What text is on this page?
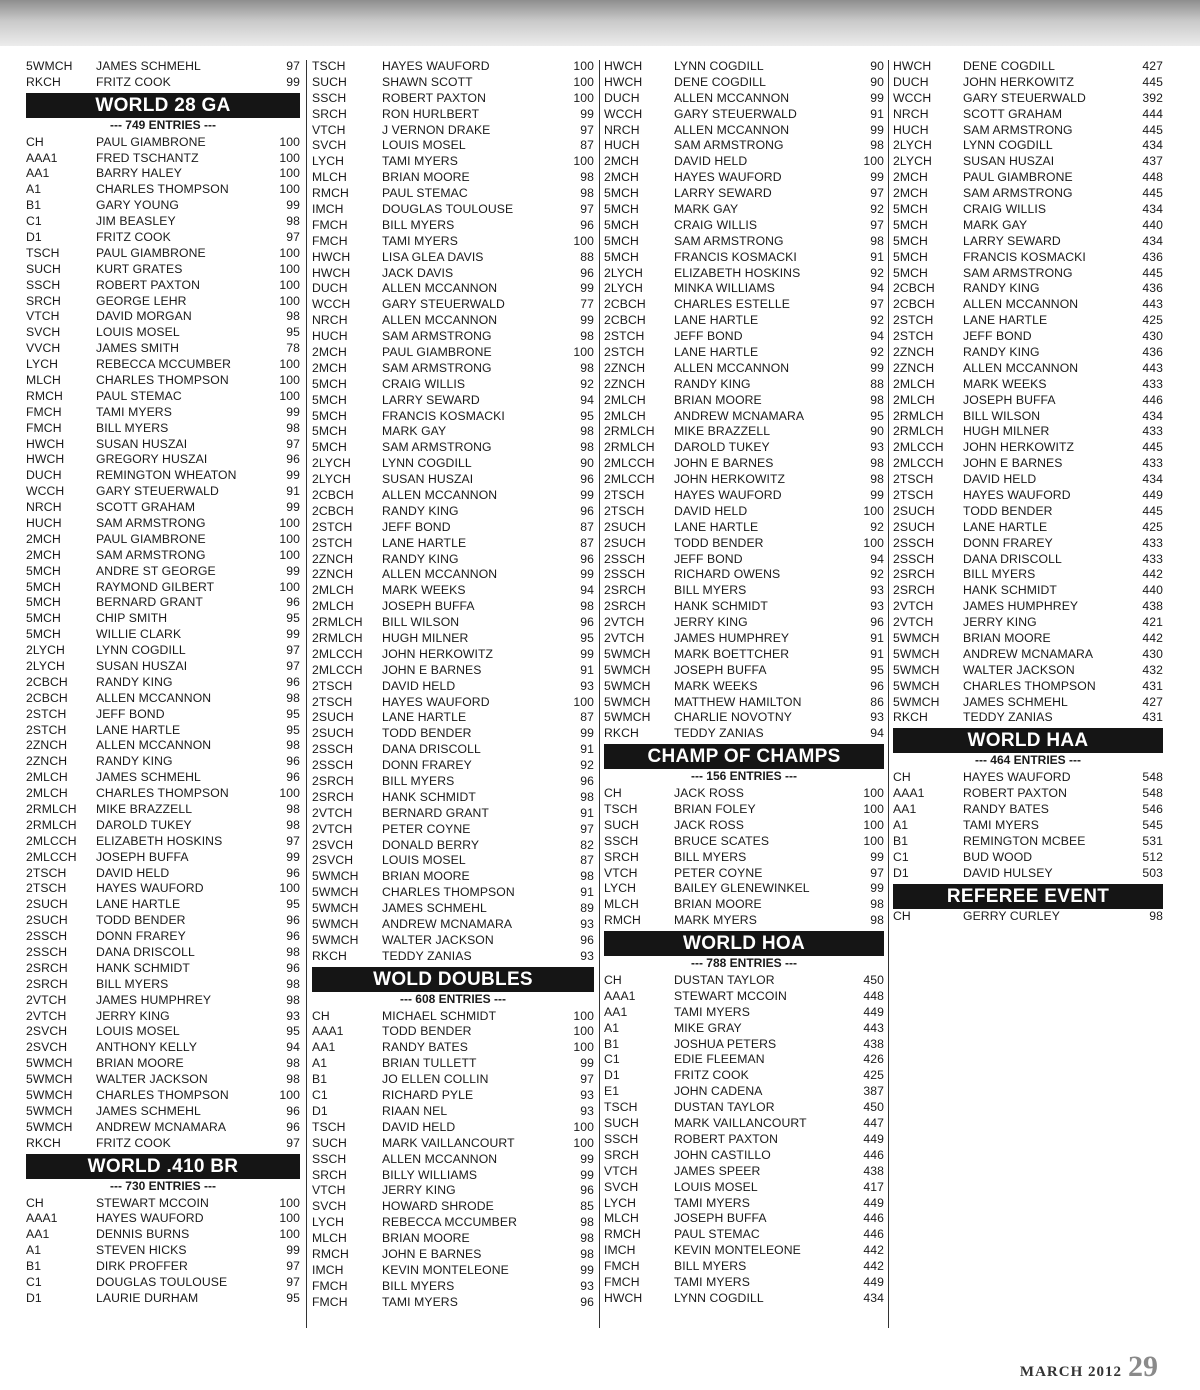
5WMCH	JAMES SCHMEHL	97
RKCH	FRITZ COOK	99
WORLD 28 GA
--- 749 ENTRIES ---
CH	PAUL GIAMBRONE	100
AAA1	FRED TSCHANTZ	100
AA1	BARRY HALEY	100
A1	CHARLES THOMPSON	100
B1	GARY YOUNG	99
C1	JIM BEASLEY	98
D1	FRITZ COOK	97
TSCH	PAUL GIAMBRONE	100
SUCH	KURT GRATES	100
SSCH	ROBERT PAXTON	100
SRCH	GEORGE LEHR	100
VTCH	DAVID MORGAN	98
SVCH	LOUIS MOSEL	95
VVCH	JAMES SMITH	78
LYCH	REBECCA MCCUMBER	100
MLCH	CHARLES THOMPSON	100
RMCH	PAUL STEMAC	100
FMCH	TAMI MYERS	99
FMCH	BILL MYERS	98
HWCH	SUSAN HUSZAI	97
HWCH	GREGORY HUSZAI	96
DUCH	REMINGTON WHEATON	99
WCCH	GARY STEUERWALD	91
NRCH	SCOTT GRAHAM	99
HUCH	SAM ARMSTRONG	100
2MCH	PAUL GIAMBRONE	100
2MCH	SAM ARMSTRONG	100
5MCH	ANDRE ST GEORGE	99
5MCH	RAYMOND GILBERT	100
5MCH	BERNARD GRANT	96
5MCH	CHIP SMITH	95
5MCH	WILLIE CLARK	99
2LYCH	LYNN COGDILL	97
2LYCH	SUSAN HUSZAI	97
2CBCH	RANDY KING	96
2CBCH	ALLEN MCCANNON	98
2STCH	JEFF BOND	95
2STCH	LANE HARTLE	95
2ZNCH	ALLEN MCCANNON	98
2ZNCH	RANDY KING	96
2MLCH	JAMES SCHMEHL	96
2MLCH	CHARLES THOMPSON	100
2RMLCH	MIKE BRAZZELL	98
2RMLCH	DAROLD TUKEY	98
2MLCCH	ELIZABETH HOSKINS	97
2MLCCH	JOSEPH BUFFA	99
2TSCH	DAVID HELD	96
2TSCH	HAYES WAUFORD	100
2SUCH	LANE HARTLE	95
2SUCH	TODD BENDER	96
2SSCH	DONN FRAREY	96
2SSCH	DANA DRISCOLL	98
2SRCH	HANK SCHMIDT	96
2SRCH	BILL MYERS	98
2VTCH	JAMES HUMPHREY	98
2VTCH	JERRY KING	93
2SVCH	LOUIS MOSEL	95
2SVCH	ANTHONY KELLY	94
5WMCH	BRIAN MOORE	98
5WMCH	WALTER JACKSON	98
5WMCH	CHARLES THOMPSON	100
5WMCH	JAMES SCHMEHL	96
5WMCH	ANDREW MCNAMARA	96
RKCH	FRITZ COOK	97
WORLD .410 BR
--- 730 ENTRIES ---
CH	STEWART MCCOIN	100
AAA1	HAYES WAUFORD	100
AA1	DENNIS BURNS	100
A1	STEVEN HICKS	99
B1	DIRK PROFFER	97
C1	DOUGLAS TOULOUSE	97
D1	LAURIE DURHAM	95
TSCH	HAYES WAUFORD	100
SUCH	SHAWN SCOTT	100
SSCH	ROBERT PAXTON	100
SRCH	RON HURLBERT	99
VTCH	J VERNON DRAKE	97
SVCH	LOUIS MOSEL	87
LYCH	TAMI MYERS	100
MLCH	BRIAN MOORE	98
RMCH	PAUL STEMAC	98
IMCH	DOUGLAS TOULOUSE	97
FMCH	BILL MYERS	96
FMCH	TAMI MYERS	100
HWCH	LISA GLEA DAVIS	88
HWCH	JACK DAVIS	96
DUCH	ALLEN MCCANNON	99
WCCH	GARY STEUERWALD	77
NRCH	ALLEN MCCANNON	99
HUCH	SAM ARMSTRONG	98
2MCH	PAUL GIAMBRONE	100
2MCH	SAM ARMSTRONG	98
5MCH	CRAIG WILLIS	92
5MCH	LARRY SEWARD	94
5MCH	FRANCIS KOSMACKI	95
5MCH	MARK GAY	98
5MCH	SAM ARMSTRONG	98
2LYCH	LYNN COGDILL	90
2LYCH	SUSAN HUSZAI	96
2CBCH	ALLEN MCCANNON	99
2CBCH	RANDY KING	96
2STCH	JEFF BOND	87
2STCH	LANE HARTLE	87
2ZNCH	RANDY KING	96
2ZNCH	ALLEN MCCANNON	99
2MLCH	MARK WEEKS	94
2MLCH	JOSEPH BUFFA	98
2RMLCH	BILL WILSON	96
2RMLCH	HUGH MILNER	95
2MLCCH	JOHN HERKOWITZ	99
2MLCCH	JOHN E BARNES	91
2TSCH	DAVID HELD	93
2TSCH	HAYES WAUFORD	100
2SUCH	LANE HARTLE	87
2SUCH	TODD BENDER	99
2SSCH	DANA DRISCOLL	91
2SSCH	DONN FRAREY	92
2SRCH	BILL MYERS	96
2SRCH	HANK SCHMIDT	98
2VTCH	BERNARD GRANT	91
2VTCH	PETER COYNE	97
2SVCH	DONALD BERRY	82
2SVCH	LOUIS MOSEL	87
5WMCH	BRIAN MOORE	98
5WMCH	CHARLES THOMPSON	91
5WMCH	JAMES SCHMEHL	89
5WMCH	ANDREW MCNAMARA	93
5WMCH	WALTER JACKSON	96
RKCH	TEDDY ZANIAS	93
WOLD DOUBLES
--- 608 ENTRIES ---
CH	MICHAEL SCHMIDT	100
AAA1	TODD BENDER	100
AA1	RANDY BATES	100
A1	BRIAN TULLETT	99
B1	JO ELLEN COLLIN	97
C1	RICHARD PYLE	93
D1	RIAAN NEL	93
TSCH	DAVID HELD	100
SUCH	MARK VAILLANCOURT	100
SSCH	ALLEN MCCANNON	99
SRCH	BILLY WILLIAMS	99
VTCH	JERRY KING	96
SVCH	HOWARD SHRODE	85
LYCH	REBECCA MCCUMBER	98
MLCH	BRIAN MOORE	98
RMCH	JOHN E BARNES	98
IMCH	KEVIN MONTELEONE	99
FMCH	BILL MYERS	93
FMCH	TAMI MYERS	96
HWCH	LYNN COGDILL	90
HWCH	DENE COGDILL	90
DUCH	ALLEN MCCANNON	99
WCCH	GARY STEUERWALD	91
NRCH	ALLEN MCCANNON	99
HUCH	SAM ARMSTRONG	98
2MCH	DAVID HELD	100
2MCH	HAYES WAUFORD	99
5MCH	LARRY SEWARD	97
5MCH	MARK GAY	92
5MCH	CRAIG WILLIS	97
5MCH	SAM ARMSTRONG	98
5MCH	FRANCIS KOSMACKI	91
2LYCH	ELIZABETH HOSKINS	92
2LYCH	MINKA WILLIAMS	94
2CBCH	CHARLES ESTELLE	97
2CBCH	LANE HARTLE	92
2STCH	JEFF BOND	94
2STCH	LANE HARTLE	92
2ZNCH	ALLEN MCCANNON	99
2ZNCH	RANDY KING	88
2MLCH	BRIAN MOORE	98
2MLCH	ANDREW MCNAMARA	95
2RMLCH	MIKE BRAZZELL	90
2RMLCH	DAROLD TUKEY	93
2MLCCH	JOHN E BARNES	98
2MLCCH	JOHN HERKOWITZ	98
2TSCH	HAYES WAUFORD	99
2TSCH	DAVID HELD	100
2SUCH	LANE HARTLE	92
2SUCH	TODD BENDER	100
2SSCH	JEFF BOND	94
2SSCH	RICHARD OWENS	92
2SRCH	BILL MYERS	93
2SRCH	HANK SCHMIDT	93
2VTCH	JERRY KING	96
2VTCH	JAMES HUMPHREY	91
5WMCH	MARK BOETTCHER	91
5WMCH	JOSEPH BUFFA	95
5WMCH	MARK WEEKS	96
5WMCH	MATTHEW HAMILTON	86
5WMCH	CHARLIE NOVOTNY	93
RKCH	TEDDY ZANIAS	94
CHAMP OF CHAMPS
--- 156 ENTRIES ---
CH	JACK ROSS	100
TSCH	BRIAN FOLEY	100
SUCH	JACK ROSS	100
SSCH	BRUCE SCATES	100
SRCH	BILL MYERS	99
VTCH	PETER COYNE	97
LYCH	BAILEY GLENEWINKEL	99
MLCH	BRIAN MOORE	98
RMCH	MARK MYERS	98
WORLD HOA
--- 788 ENTRIES ---
CH	DUSTAN TAYLOR	450
AAA1	STEWART MCCOIN	448
AA1	TAMI MYERS	449
A1	MIKE GRAY	443
B1	JOSHUA PETERS	438
C1	EDIE FLEEMAN	426
D1	FRITZ COOK	425
E1	JOHN CADENA	387
TSCH	DUSTAN TAYLOR	450
SUCH	MARK VAILLANCOURT	447
SSCH	ROBERT PAXTON	449
SRCH	JOHN CASTILLO	446
VTCH	JAMES SPEER	438
SVCH	LOUIS MOSEL	417
LYCH	TAMI MYERS	449
MLCH	JOSEPH BUFFA	446
RMCH	PAUL STEMAC	446
IMCH	KEVIN MONTELEONE	442
FMCH	BILL MYERS	442
FMCH	TAMI MYERS	449
HWCH	LYNN COGDILL	434
HWCH	DENE COGDILL	427
DUCH	JOHN HERKOWITZ	445
WCCH	GARY STEUERWALD	392
NRCH	SCOTT GRAHAM	444
HUCH	SAM ARMSTRONG	445
2LYCH	LYNN COGDILL	434
2LYCH	SUSAN HUSZAI	437
2MCH	PAUL GIAMBRONE	448
2MCH	SAM ARMSTRONG	445
5MCH	CRAIG WILLIS	434
5MCH	MARK GAY	440
5MCH	LARRY SEWARD	434
5MCH	FRANCIS KOSMACKI	436
5MCH	SAM ARMSTRONG	445
2CBCH	RANDY KING	436
2CBCH	ALLEN MCCANNON	443
2STCH	LANE HARTLE	425
2STCH	JEFF BOND	430
2ZNCH	RANDY KING	436
2ZNCH	ALLEN MCCANNON	443
2MLCH	MARK WEEKS	433
2MLCH	JOSEPH BUFFA	446
2RMLCH	BILL WILSON	434
2RMLCH	HUGH MILNER	433
2MLCCH	JOHN HERKOWITZ	445
2MLCCH	JOHN E BARNES	433
2TSCH	DAVID HELD	434
2TSCH	HAYES WAUFORD	449
2SUCH	TODD BENDER	445
2SUCH	LANE HARTLE	425
2SSCH	DONN FRAREY	433
2SSCH	DANA DRISCOLL	433
2SRCH	BILL MYERS	442
2SRCH	HANK SCHMIDT	440
2VTCH	JAMES HUMPHREY	438
2VTCH	JERRY KING	421
5WMCH	BRIAN MOORE	442
5WMCH	ANDREW MCNAMARA	430
5WMCH	WALTER JACKSON	432
5WMCH	CHARLES THOMPSON	431
5WMCH	JAMES SCHMEHL	427
RKCH	TEDDY ZANIAS	431
WORLD HAA
--- 464 ENTRIES ---
CH	HAYES WAUFORD	548
AAA1	ROBERT PAXTON	548
AA1	RANDY BATES	546
A1	TAMI MYERS	545
B1	REMINGTON MCBEE	531
C1	BUD WOOD	512
D1	DAVID HULSEY	503
REFEREE EVENT
CH	GERRY CURLEY	98
MARCH 2012 29
